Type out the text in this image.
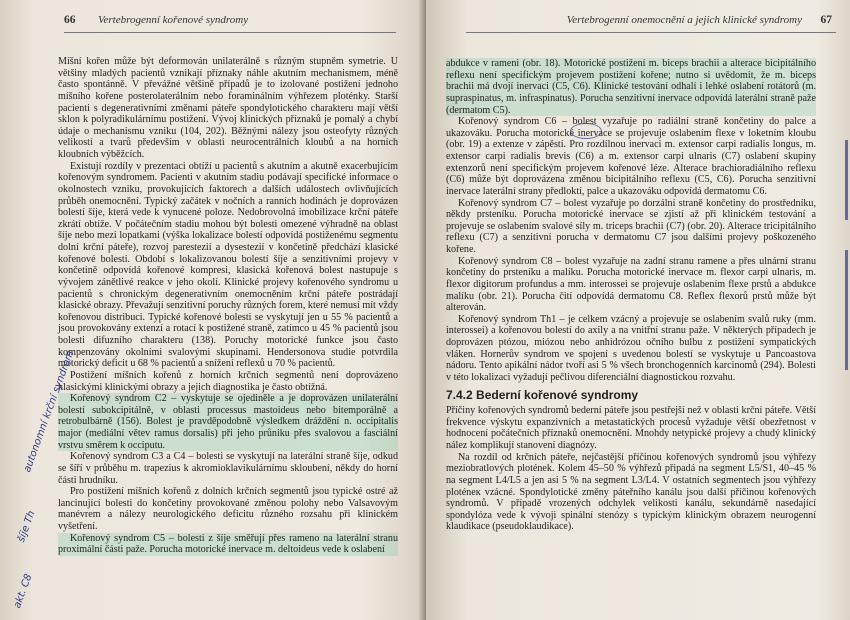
66 Vertebrogenní kořenové syndromy

Míšní kořen může být deformován unilaterálně s různým stupněm symetrie. U většiny mladých pacientů vznikají příznaky náhle akutním mechanismem, méně často spontánně. V převážné většině případů je to izolované postižení jednoho míšního kořene posterolaterálním nebo foraminálním výhřezem ploténky. Starší pacienti s degenerativními změnami páteře spondylotického charakteru mají větší sklon k polyradikulárnímu postižení. Vývoj klinických příznaků je pomalý a chybí údaje o mechanismu vzniku (104, 202). Běžnými nálezy jsou osteofyty různých velikostí a tvarů především v oblasti neurocentrálních kloubů a na horních kloubních výběžcích.

Existují rozdíly v prezentaci obtíží u pacientů s akutním a akutně exacerbujícím kořenovým syndromem. Pacienti v akutním stadiu podávají specifické informace o okolnostech vzniku, provokujících faktorech a dalších událostech ovlivňujících průběh onemocnění. Typický začátek v nočních a ranních hodinách je doprovázen bolestí šíje, která vede k vynucené poloze. Nedobrovolná imobilizace krční páteře zkrátí obtíže. V počátečním stadiu mohou být bolesti omezené výhradně na oblast šíje nebo mezi lopatkami (výška lokalizace bolestí odpovídá postiženému segmentu dolní krční páteře), rozvoj parestezií a dysestezií v končetině předchází klasické kořenové bolesti. Období s lokalizovanou bolestí šíje a senzitivními projevy v končetině odpovídá kořenové kompresi, klasická kořenová bolest nastupuje s vývojem zánětlivé reakce v jeho okolí. Klinické projevy kořenového syndromu u pacientů s chronickým degenerativním onemocněním krční páteře postrádají klasické obrazy. Převažují senzitivní poruchy různých forem, které nemusí mít vždy kořenovou distribuci. Typické kořenové bolesti se vyskytují jen u 55 % pacientů a jsou provokovány extenzí a rotací k postižené straně, zatímco u 45 % pacientů jsou bolesti difuzního charakteru (138). Poruchy motorické funkce jsou často kompenzovány okolními svalovými skupinami. Hendersonova studie potvrdila motorický deficit u 68 % pacientů a snížení reflexů u 70 % pacientů.

Postižení míšních kořenů z horních krčních segmentů není doprovázeno klasickými klinickými obrazy a jejich diagnostika je často obtížná.

Kořenový syndrom C2 – vyskytuje se ojediněle a je doprovázen unilaterální bolestí subokcipitálně, v oblasti processus mastoideus nebo bitemporálně a retrobulbárně (156). Bolest je pravděpodobně výsledkem dráždění n. occipitalis major (mediální větev ramus dorsalis) při jeho průniku přes svalovou a fasciální vrstvu směrem k occiputu.

Kořenový syndrom C3 a C4 – bolesti se vyskytují na laterální straně šíje, odkud se šíří v průběhu m. trapezius k akromioklavikulárnímu skloubení, někdy do horní části hrudníku.

Pro postižení míšních kořenů z dolních krčních segmentů jsou typické ostré až lancinující bolesti do končetiny provokované změnou polohy nebo Valsavovým manévrem a nálezy neurologického deficitu různého rozsahu při klinickém vyšetření.

Kořenový syndrom C5 – bolesti z šíje směřují přes rameno na laterální stranu proximální části paže. Porucha motorické inervace m. deltoideus vede k oslabení

autonomní krční syndrom
šíje Th
akt. C8
Vertebrogenní onemocnění a jejich klinické syndromy 67

abdukce v rameni (obr. 18). Motorické postižení m. biceps brachii a alterace bicipitálního reflexu není specifickým projevem postižení kořene; nutno si uvědomit, že m. biceps brachii má dvojí inervaci (C5, C6). Klinické testování odhalí i lehké oslabení rotátorů (m. supraspinatus, m. infraspinatus). Porucha senzitivní inervace odpovídá laterální straně paže (dermatom C5).

Kořenový syndrom C6 – bolest vyzařuje po radiální straně končetiny do palce a ukazováku. Porucha motorické inervace se projevuje oslabením flexe v loketním kloubu (obr. 19) a extenze v zápěstí. Pro rozdílnou inervaci m. extensor carpi radialis longus, m. extensor carpi radialis brevis (C6) a m. extensor carpi ulnaris (C7) oslabení skupiny extenzorů není specifickým projevem kořenové léze. Alterace brachioradiálního reflexu (C6) může být doprovázena změnou bicipitálního reflexu (C5, C6). Porucha senzitivní inervace laterální strany předloktí, palce a ukazováku odpovídá dermatomu C6.

Kořenový syndrom C7 – bolest vyzařuje po dorzální straně končetiny do prostředníku, někdy prsteníku. Porucha motorické inervace se zjistí až při klinickém testování a projevuje se oslabením svalové síly m. triceps brachii (C7) (obr. 20). Alterace tricipitálního reflexu (C7) a senzitivní porucha v dermatomu C7 jsou dalšími projevy poškozeného kořene.

Kořenový syndrom C8 – bolest vyzařuje na zadní stranu ramene a přes ulnární stranu končetiny do prsteníku a malíku. Porucha motorické inervace m. flexor carpi ulnaris, m. flexor digitorum profundus a mm. interossei se projevuje oslabením flexe prstů a abdukce malíku (obr. 21). Porucha čití odpovídá dermatomu C8. Reflex flexorů prstů může být alterován.

Kořenový syndrom Th1 – je celkem vzácný a projevuje se oslabením svalů ruky (mm. interossei) a kořenovou bolestí do axily a na vnitřní stranu paže. V některých případech je doprovázen ptózou, miózou nebo anhidrózou očního bulbu z postižení sympatických vláken. Hornerův syndrom ve spojení s uvedenou bolestí se vyskytuje u Pancoastova nádoru. Tento apikální nádor tvoří asi 5 % všech bronchogenních karcinomů (294). Bolesti v této lokalizaci vyžadují pečlivou diferenciální diagnostickou rozvahu.

7.4.2 Bederní kořenové syndromy

Příčiny kořenových syndromů bederní páteře jsou pestřejší než v oblasti krční páteře. Větší frekvence výskytu expanzivních a metastatických procesů vyžaduje větší obezřetnost v hodnocení počátečních příznaků onemocnění. Mnohdy netypické projevy a chudý klinický nález komplikují stanovení diagnózy.

Na rozdíl od krčních páteře, nejčastější příčinou kořenových syndromů jsou výhřezy meziobratlových plotének. Kolem 45–50 % výhřezů připadá na segment L5/S1, 40–45 % na segment L4/L5 a jen asi 5 % na segment L3/L4. V ostatních segmentech jsou výhřezy ploténeк vzácné. Spondylotické změny páteřního kanálu jsou další příčinou kořenových syndromů. V případě vrozených odchylek velikosti kanálu, sekundárně nasedající spondylóza vede k vývoji spinální stenózy s typickým klinickým obrazem neurogenní klaudikace (pseudoklaudikace).
